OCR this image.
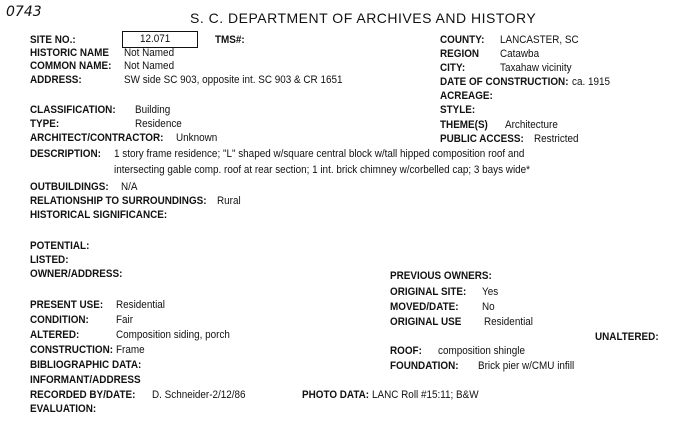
0743	S. C. DEPARTMENT OF ARCHIVES AND HISTORY
SITE NO.:	12.071	TMS#:	COUNTY: LANCASTER, SC
HISTORIC NAME Not Named	REGION Catawba
COMMON NAME: Not Named	CITY:	Taxahaw vicinity
ADDRESS:	SW side SC 903, opposite int. SC 903 & CR 1651	DATE OF CONSTRUCTION: ca. 1915
ACREAGE:
CLASSIFICATION: Building	STYLE:
TYPE:	Residence	THEME(S) Architecture
ARCHITECT/CONTRACTOR: Unknown	PUBLIC ACCESS: Restricted
DESCRIPTION: 1 story frame residence; "L" shaped w/square central block w/tall hipped composition roof and
intersecting gable comp. roof at rear section; 1 int. brick chimney w/corbelled cap; 3 bays wide*
OUTBUILDINGS: N/A
RELATIONSHIP TO SURROUNDINGS: Rural
HISTORICAL SIGNIFICANCE:
POTENTIAL:
LISTED:
OWNER/ADDRESS:	PREVIOUS OWNERS:
ORIGINAL SITE: Yes
PRESENT USE: Residential	MOVED/DATE: No
CONDITION: Fair	ORIGINAL USE Residential
ALTERED:	Composition siding, porch	UNALTERED:
CONSTRUCTION: Frame	ROOF: composition shingle
BIBLIOGRAPHIC DATA:	FOUNDATION: Brick pier w/CMU infill
INFORMANT/ADDRESS
RECORDED BY/DATE: D. Schneider-2/12/86	PHOTO DATA: LANC Roll #15:11; B&W
EVALUATION:
